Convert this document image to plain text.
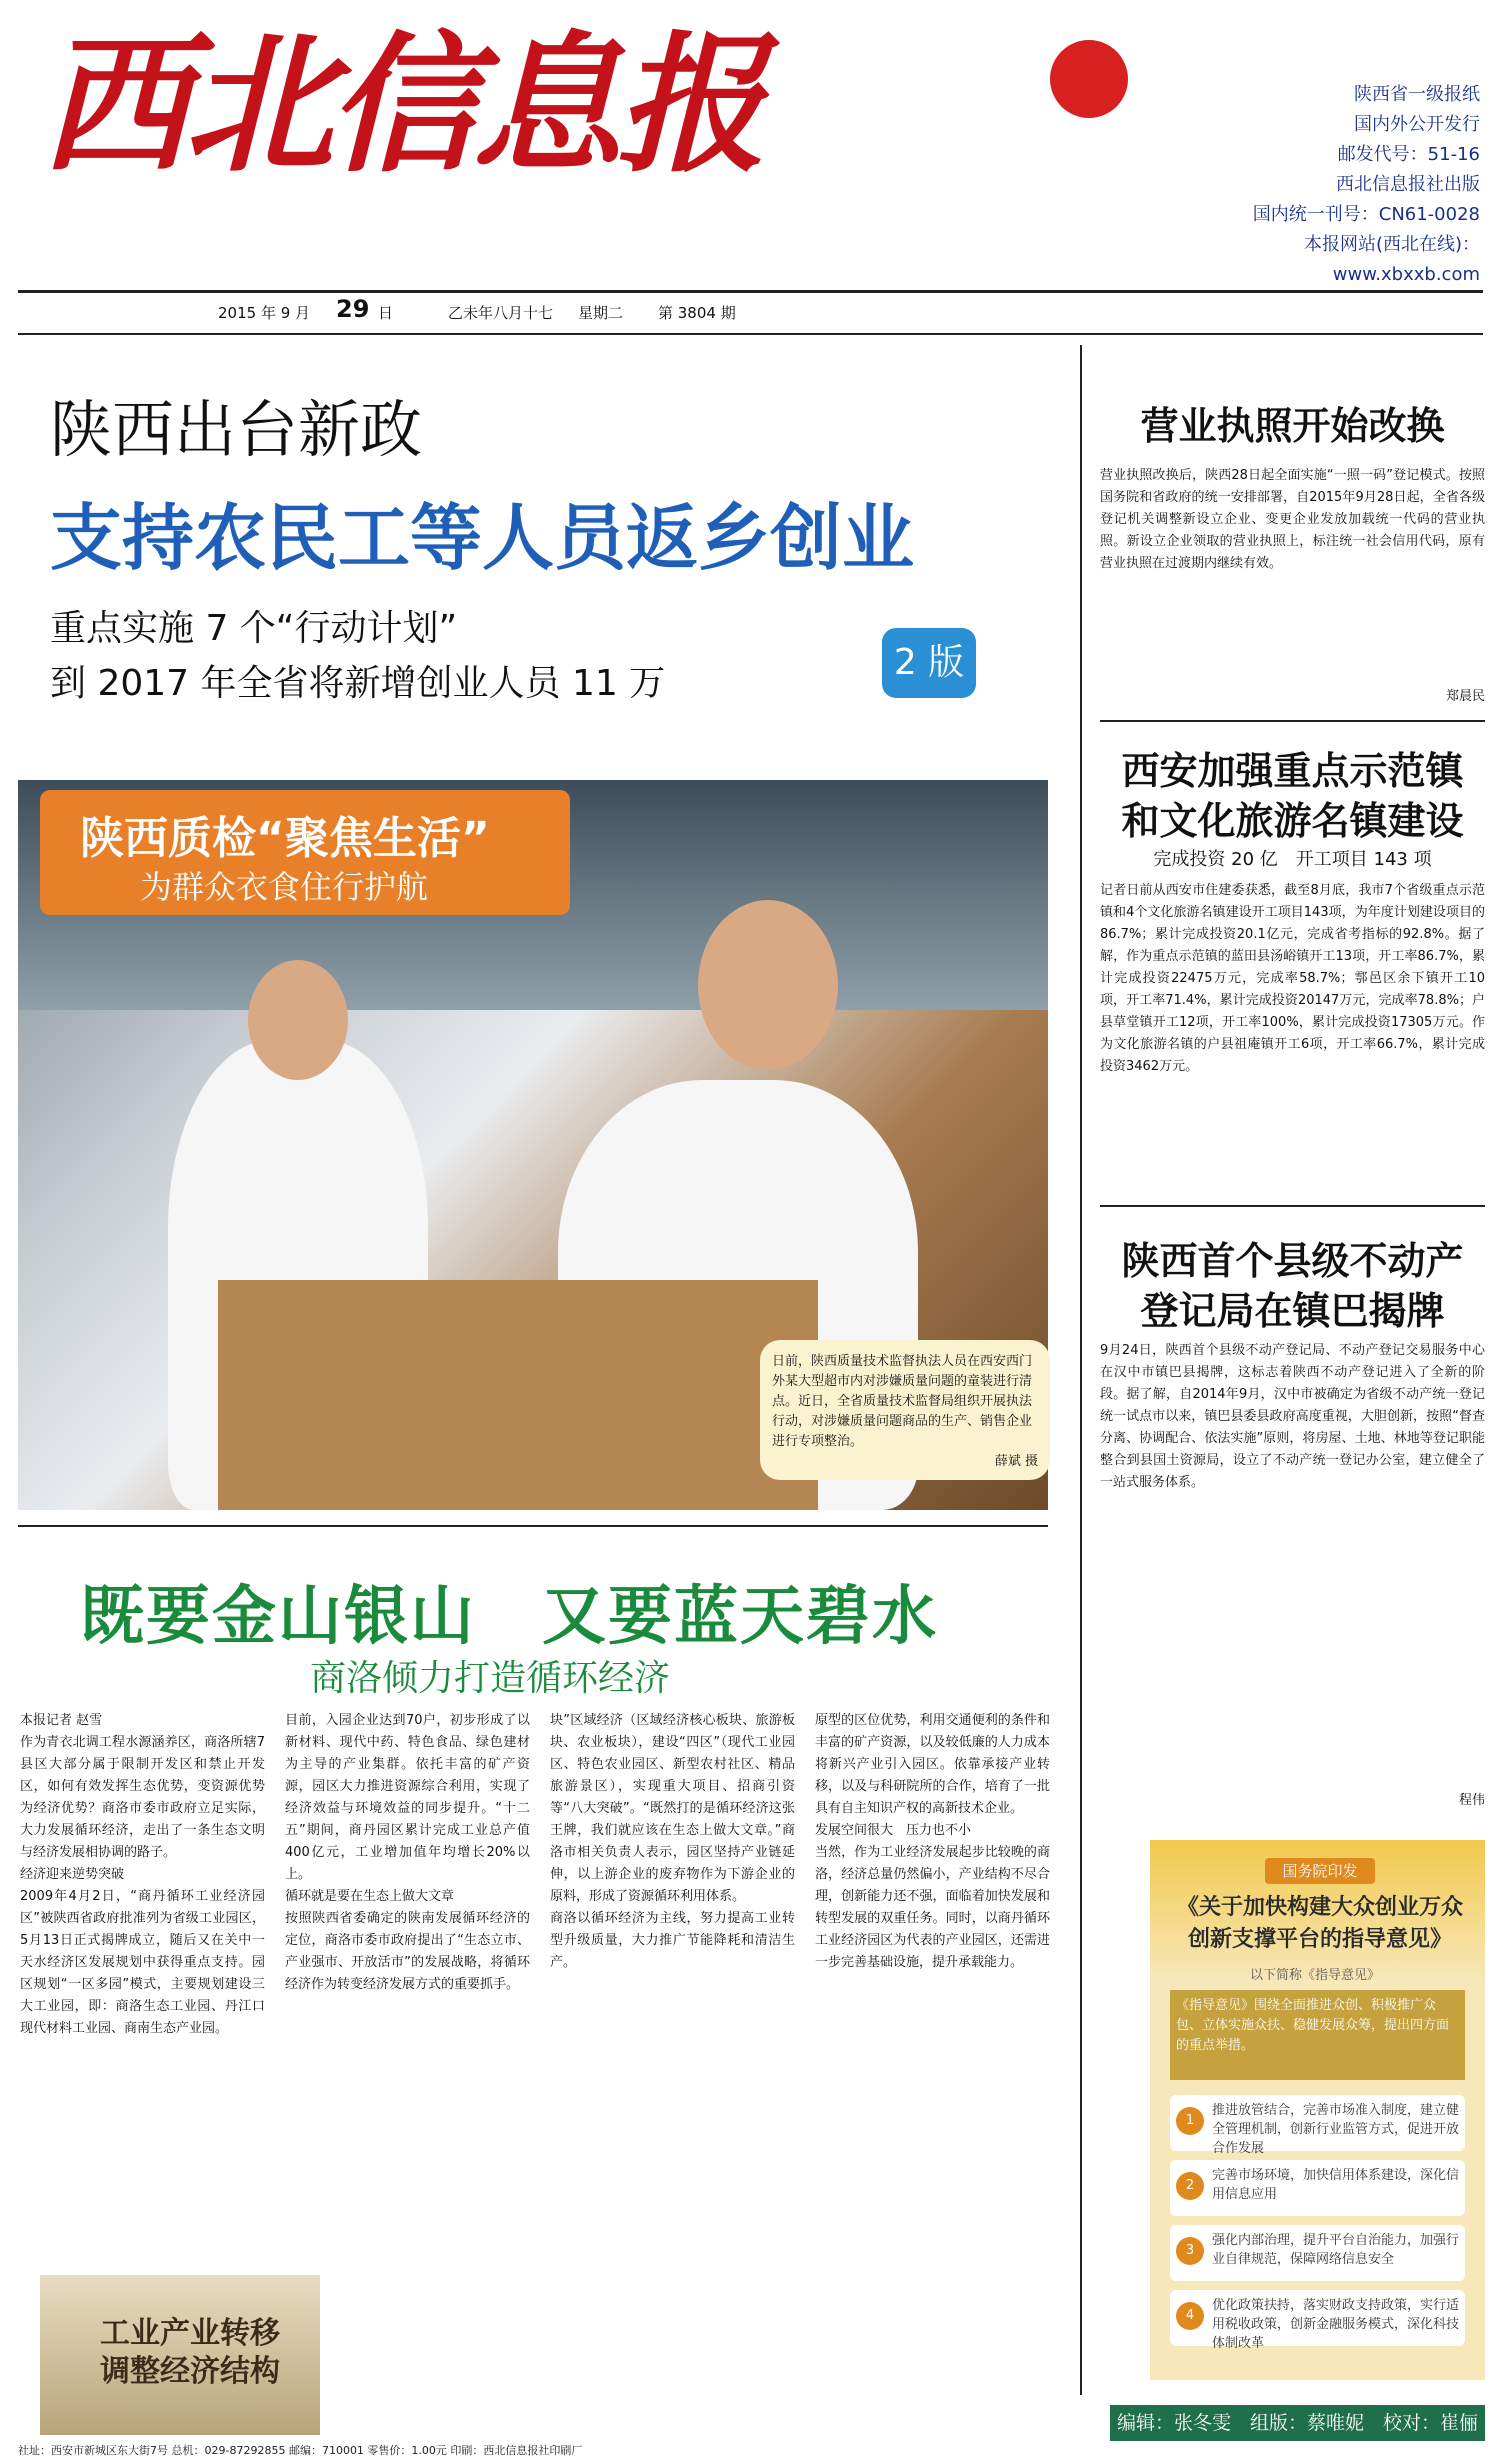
西北信息报	陕西省一级报纸
国内外公开发行
邮发代号：51-16
西北信息报社出版
国内统一刊号：CN61-0028
本报网站(西北在线)：www.xbxxb.com
2015 年 9 月 29 日	乙未年八月十七 星期二 第 3804 期
陕西出台新政
支持农民工等人员返乡创业
重点实施 7 个“行动计划”
到 2017 年全省将新增创业人员 11 万
2 版
陕西质检“聚焦生活”
为群众衣食住行护航
日前，陕西质量技术监督执法人员在西安西门外某大型超市内对涉嫌质量问题的童装进行清点。近日，全省质量技术监督局组织开展执法行动，对涉嫌质量问题商品的生产、销售企业进行专项整治。
薛斌 摄
既要金山银山　又要蓝天碧水
商洛倾力打造循环经济
本报记者 赵雪
作为青衣北调工程水源涵养区，商洛所辖7县区大部分属于限制开发区和禁止开发区，如何有效发挥生态优势，变资源优势为经济优势？商洛市委市政府立足实际，大力发展循环经济，走出了一条生态文明与经济发展相协调的路子。
经济迎来逆势突破
2009年4月2日，“商丹循环工业经济园区”被陕西省政府批准列为省级工业园区，5月13日正式揭牌成立，随后又在关中一天水经济区发展规划中获得重点支持。园区规划“一区多园”模式，主要规划建设三大工业园，即：商洛生态工业园、丹江口现代材料工业园、商南生态产业园。
目前，入园企业达到70户，初步形成了以新材料、现代中药、特色食品、绿色建材为主导的产业集群。依托丰富的矿产资源，园区大力推进资源综合利用，实现了经济效益与环境效益的同步提升。“十二五”期间，商丹园区累计完成工业总产值400亿元，工业增加值年均增长20%以上。
循环就是要在生态上做大文章
按照陕西省委确定的陕南发展循环经济的定位，商洛市委市政府提出了“生态立市、产业强市、开放活市”的发展战略，将循环经济作为转变经济发展方式的重要抓手。
块”区域经济（区域经济核心板块、旅游板块、农业板块），建设“四区”（现代工业园区、特色农业园区、新型农村社区、精品旅游景区），实现重大项目、招商引资等“八大突破”。“既然打的是循环经济这张王牌，我们就应该在生态上做大文章。”商洛市相关负责人表示，园区坚持产业链延伸，以上游企业的废弃物作为下游企业的原料，形成了资源循环利用体系。
商洛以循环经济为主线，努力提高工业转型升级质量，大力推广节能降耗和清洁生产。
原型的区位优势，利用交通便利的条件和丰富的矿产资源，以及较低廉的人力成本将新兴产业引入园区。依靠承接产业转移，以及与科研院所的合作，培育了一批具有自主知识产权的高新技术企业。
发展空间很大　压力也不小
当然，作为工业经济发展起步比较晚的商洛，经济总量仍然偏小，产业结构不尽合理，创新能力还不强，面临着加快发展和转型发展的双重任务。同时，以商丹循环工业经济园区为代表的产业园区，还需进一步完善基础设施，提升承载能力。
工业产业转移
调整经济结构
营业执照开始改换
营业执照改换后，陕西28日起全面实施“一照一码”登记模式。按照国务院和省政府的统一安排部署，自2015年9月28日起，全省各级登记机关调整新设立企业、变更企业发放加载统一代码的营业执照。新设立企业领取的营业执照上，标注统一社会信用代码，原有营业执照在过渡期内继续有效。
郑晨民
西安加强重点示范镇
和文化旅游名镇建设
完成投资 20 亿　开工项目 143 项
记者日前从西安市住建委获悉，截至8月底，我市7个省级重点示范镇和4个文化旅游名镇建设开工项目143项，为年度计划建设项目的86.7%；累计完成投资20.1亿元，完成省考指标的92.8%。据了解，作为重点示范镇的蓝田县汤峪镇开工13项，开工率86.7%，累计完成投资22475万元，完成率58.7%；鄠邑区余下镇开工10项，开工率71.4%，累计完成投资20147万元，完成率78.8%；户县草堂镇开工12项，开工率100%，累计完成投资17305万元。作为文化旅游名镇的户县祖庵镇开工6项，开工率66.7%，累计完成投资3462万元。
陕西首个县级不动产
登记局在镇巴揭牌
9月24日，陕西首个县级不动产登记局、不动产登记交易服务中心在汉中市镇巴县揭牌，这标志着陕西不动产登记进入了全新的阶段。据了解，自2014年9月，汉中市被确定为省级不动产统一登记统一试点市以来，镇巴县委县政府高度重视，大胆创新，按照“督查分离、协调配合、依法实施”原则，将房屋、土地、林地等登记职能整合到县国土资源局，设立了不动产统一登记办公室，建立健全了一站式服务体系。
程伟
国务院印发
《关于加快构建大众创业万众创新支撑平台的指导意见》
以下简称《指导意见》
《指导意见》围绕全面推进众创、积极推广众包、立体实施众扶、稳健发展众筹，提出四方面的重点举措。
1
推进放管结合，完善市场准入制度，建立健全管理机制，创新行业监管方式，促进开放合作发展
2
完善市场环境，加快信用体系建设，深化信用信息应用
3
强化内部治理，提升平台自治能力，加强行业自律规范，保障网络信息安全
4
优化政策扶持，落实财政支持政策，实行适用税收政策，创新金融服务模式，深化科技体制改革
编辑：张冬雯　组版：蔡唯妮　校对：崔俪
社址：西安市新城区东大街7号 总机：029-87292855 邮编：710001 零售价：1.00元 印刷：西北信息报社印刷厂
